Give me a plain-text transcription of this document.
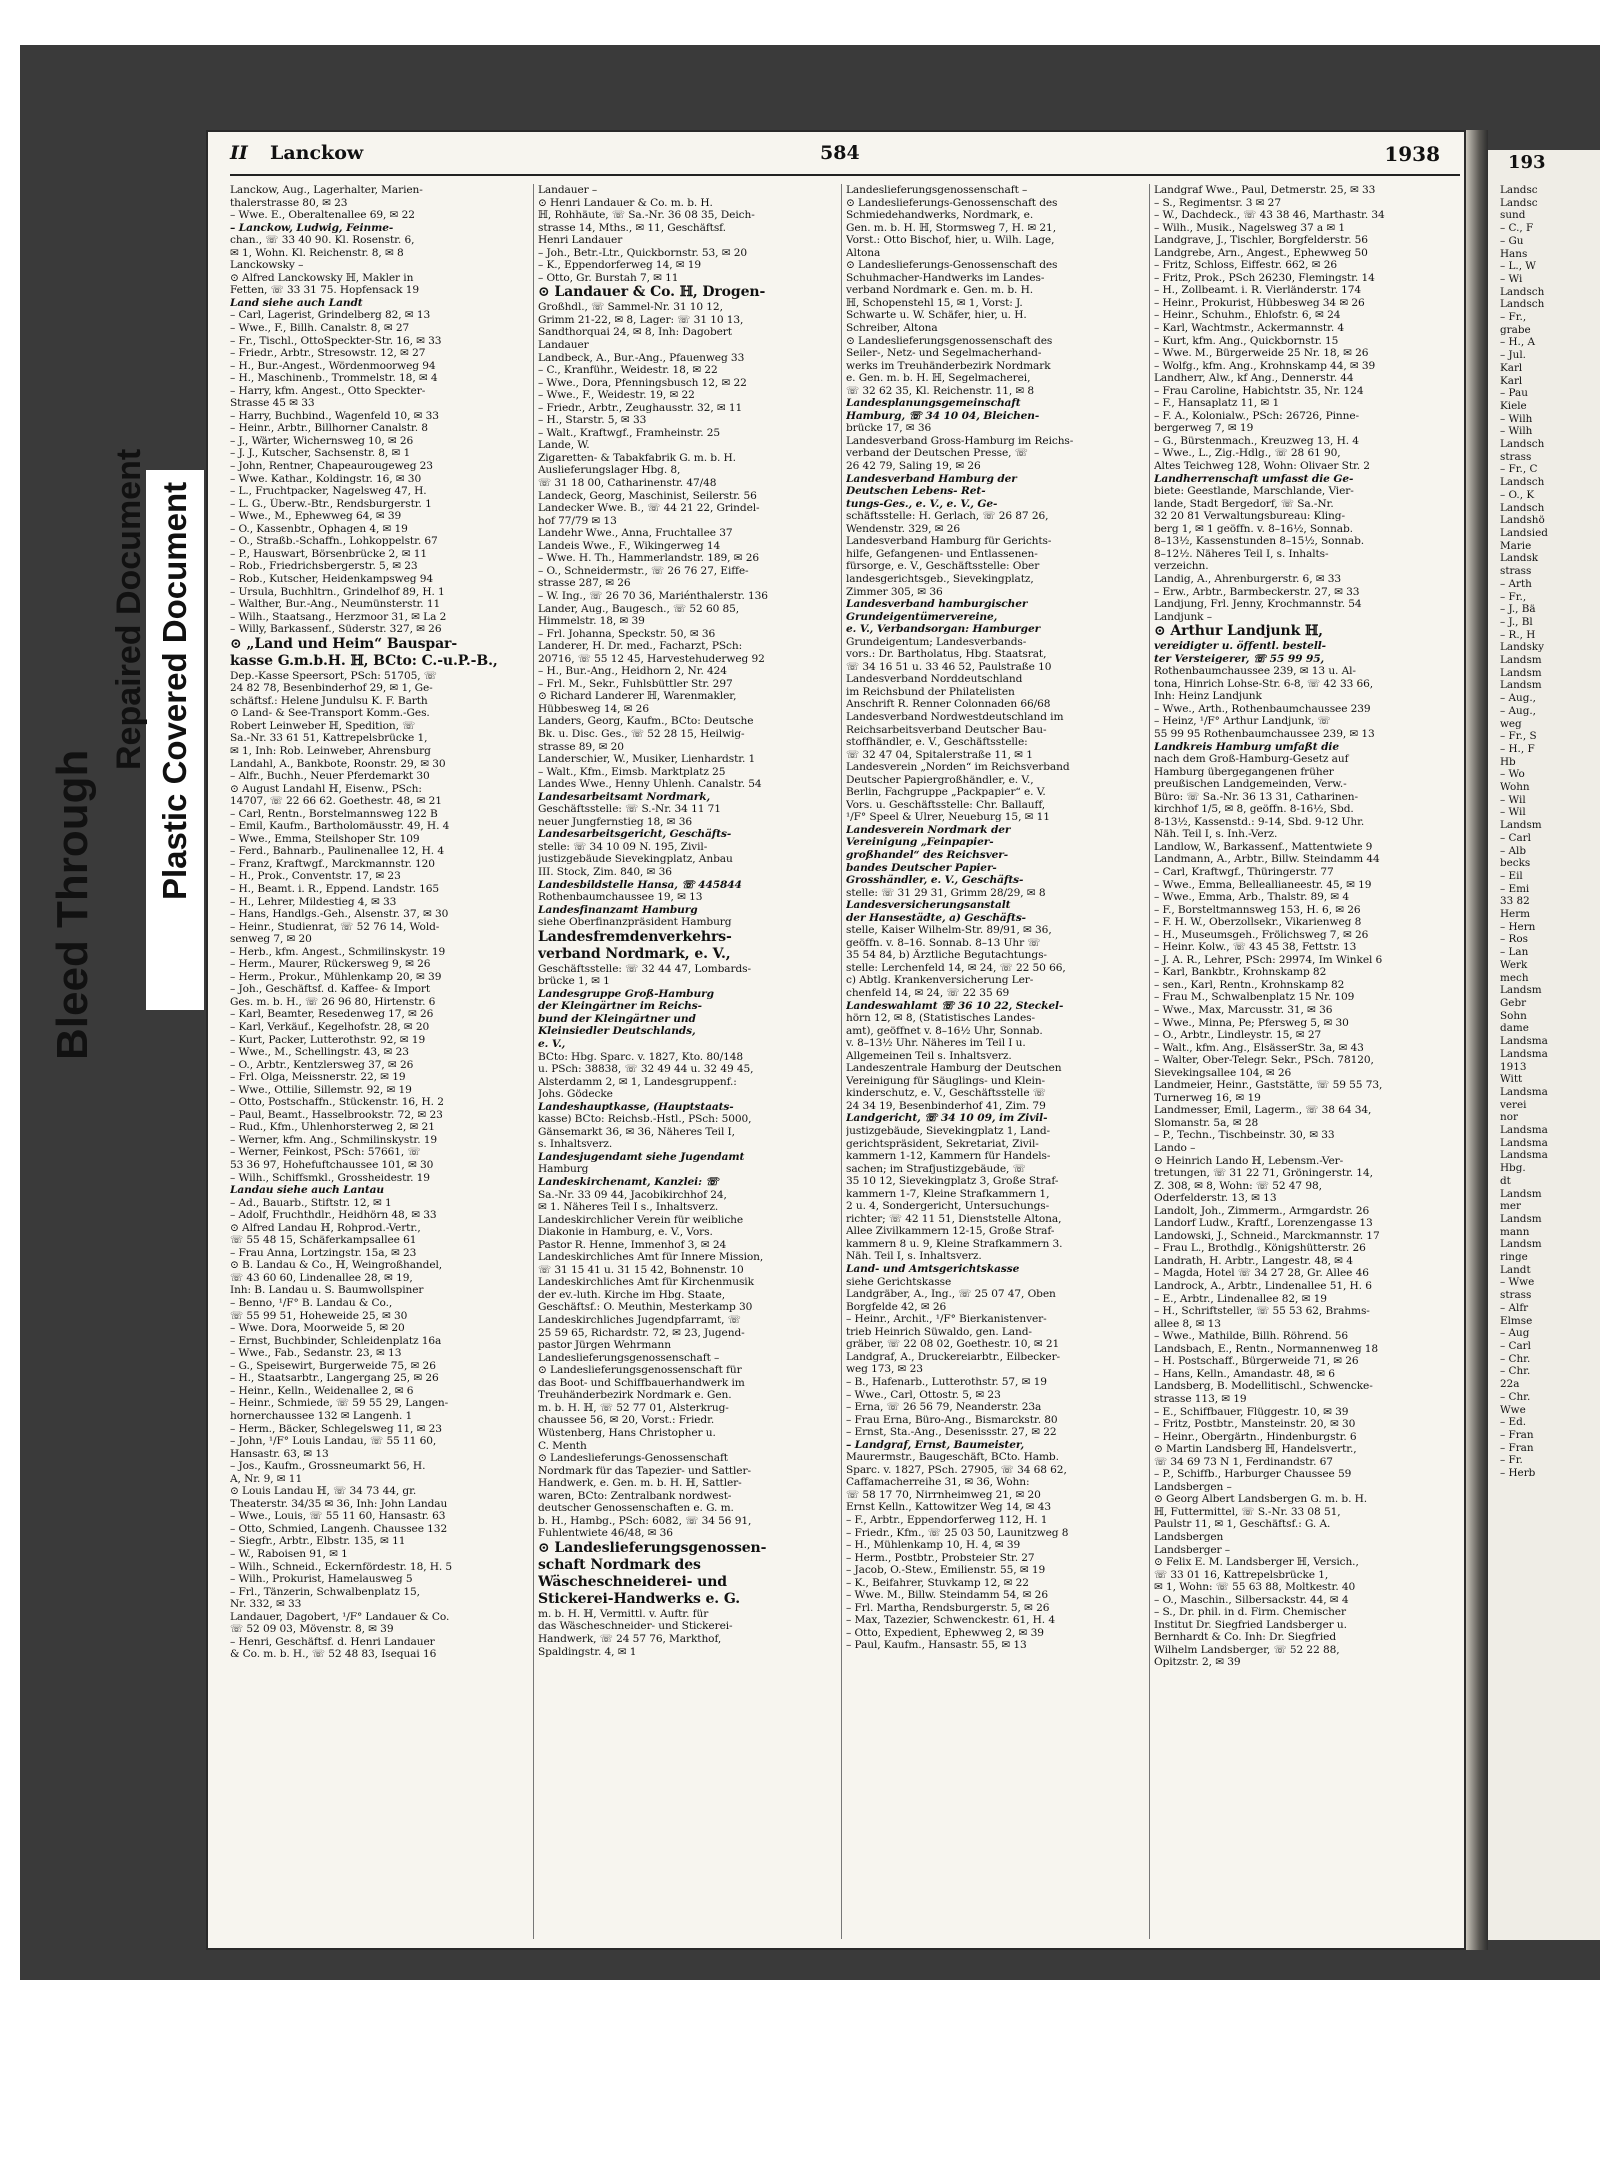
Bleed Through
Repaired Document Plastic Covered Document
II Lanckow	584	1938
Lanckow, Aug., Lagerhalter, Marien-
thalerstrasse 80, ✉ 23
– Wwe. E., Oberaltenallee 69, ✉ 22
– Lanckow, Ludwig, Feinme-
chan., ☏ 33 40 90. Kl. Rosenstr. 6,
✉ 1, Wohn. Kl. Reichenstr. 8, ✉ 8
Lanckowsky –
⊙ Alfred Lanckowsky ℍ, Makler in
Fetten, ☏ 33 31 75. Hopfensack 19
Land siehe auch Landt
– Carl, Lagerist, Grindelberg 82, ✉ 13
– Wwe., F., Billh. Canalstr. 8, ✉ 27
– Fr., Tischl., OttoSpeckter-Str. 16, ✉ 33
– Friedr., Arbtr., Stresowstr. 12, ✉ 27
– H., Bur.-Angest., Wördenmoorweg 94
– H., Maschinenb., Trommelstr. 18, ✉ 4
– Harry, kfm. Angest., Otto Speckter-
Strasse 45 ✉ 33
– Harry, Buchbind., Wagenfeld 10, ✉ 33
– Heinr., Arbtr., Billhorner Canalstr. 8
– J., Wärter, Wichernsweg 10, ✉ 26
– J. J., Kutscher, Sachsenstr. 8, ✉ 1
– John, Rentner, Chapeaurougeweg 23
– Wwe. Kathar., Koldingstr. 16, ✉ 30
– L., Fruchtpacker, Nagelsweg 47, H.
– L. G., Überw.-Btr., Rendsburgerstr. 1
– Wwe., M., Ephewweg 64, ✉ 39
– O., Kassenbtr., Ophagen 4, ✉ 19
– O., Straßb.-Schaffn., Lohkoppelstr. 67
– P., Hauswart, Börsenbrücke 2, ✉ 11
– Rob., Friedrichsbergerstr. 5, ✉ 23
– Rob., Kutscher, Heidenkampsweg 94
– Ursula, Buchhltrn., Grindelhof 89, H. 1
– Walther, Bur.-Ang., Neumünsterstr. 11
– Wilh., Staatsang., Herzmoor 31, ✉ La 2
– Willy, Barkassenf., Süderstr. 327, ✉ 26
⊙ „Land und Heim“ Bauspar-
kasse G.m.b.H. ℍ, BCto: C.-u.P.-B.,
Dep.-Kasse Speersort, PSch: 51705, ☏
24 82 78, Besenbinderhof 29, ✉ 1, Ge-
schäftsf.: Helene Jundulsu K. F. Barth
⊙ Land- & See-Transport Komm.-Ges.
Robert Leinweber ℍ, Spedition, ☏
Sa.-Nr. 33 61 51, Kattrepelsbrücke 1,
✉ 1, Inh: Rob. Leinweber, Ahrensburg
Landahl, A., Bankbote, Roonstr. 29, ✉ 30
– Alfr., Buchh., Neuer Pferdemarkt 30
⊙ August Landahl ℍ, Eisenw., PSch:
14707, ☏ 22 66 62. Goethestr. 48, ✉ 21
– Carl, Rentn., Borstelmannsweg 122 B
– Emil, Kaufm., Bartholomäusstr. 49, H. 4
– Wwe., Emma, Steilshoper Str. 109
– Ferd., Bahnarb., Paulinenallee 12, H. 4
– Franz, Kraftwgf., Marckmannstr. 120
– H., Prok., Conventstr. 17, ✉ 23
– H., Beamt. i. R., Eppend. Landstr. 165
– H., Lehrer, Mildestieg 4, ✉ 33
– Hans, Handlgs.-Geh., Alsenstr. 37, ✉ 30
– Heinr., Studienrat, ☏ 52 76 14, Wold-
senweg 7, ✉ 20
– Herb., kfm. Angest., Schmilinskystr. 19
– Herm., Maurer, Rückersweg 9, ✉ 26
– Herm., Prokur., Mühlenkamp 20, ✉ 39
– Joh., Geschäftsf. d. Kaffee- & Import
Ges. m. b. H., ☏ 26 96 80, Hirtenstr. 6
– Karl, Beamter, Resedenweg 17, ✉ 26
– Karl, Verkäuf., Kegelhofstr. 28, ✉ 20
– Kurt, Packer, Lutterothstr. 92, ✉ 19
– Wwe., M., Schellingstr. 43, ✉ 23
– O., Arbtr., Kentzlersweg 37, ✉ 26
– Frl. Olga, Meissnerstr. 22, ✉ 19
– Wwe., Ottilie, Sillemstr. 92, ✉ 19
– Otto, Postschaffn., Stückenstr. 16, H. 2
– Paul, Beamt., Hasselbrookstr. 72, ✉ 23
– Rud., Kfm., Uhlenhorsterweg 2, ✉ 21
– Werner, kfm. Ang., Schmilinskystr. 19
– Werner, Feinkost, PSch: 57661, ☏
53 36 97, Hohefuftchaussee 101, ✉ 30
– Wilh., Schiffsmkl., Grossheidestr. 19
Landau siehe auch Lantau
– Ad., Bauarb., Stiftstr. 12, ✉ 1
– Adolf, Fruchthdlr., Heidhörn 48, ✉ 33
⊙ Alfred Landau ℍ, Rohprod.-Vertr.,
☏ 55 48 15, Schäferkampsallee 61
– Frau Anna, Lortzingstr. 15a, ✉ 23
⊙ B. Landau & Co., ℍ, Weingroßhandel,
☏ 43 60 60, Lindenallee 28, ✉ 19,
Inh: B. Landau u. S. Baumwollspiner
– Benno, ¹/F° B. Landau & Co.,
☏ 55 99 51, Hoheweide 25, ✉ 30
– Wwe. Dora, Moorweide 5, ✉ 20
– Ernst, Buchbinder, Schleidenplatz 16a
– Wwe., Fab., Sedanstr. 23, ✉ 13
– G., Speisewirt, Burgerweide 75, ✉ 26
– H., Staatsarbtr., Langergang 25, ✉ 26
– Heinr., Kelln., Weidenallee 2, ✉ 6
– Heinr., Schmiede, ☏ 59 55 29, Langen-
hornerchaussee 132 ✉ Langenh. 1
– Herm., Bäcker, Schlegelsweg 11, ✉ 23
– John, ¹/F° Louis Landau, ☏ 55 11 60,
Hansastr. 63, ✉ 13
– Jos., Kaufm., Grossneumarkt 56, H.
A, Nr. 9, ✉ 11
⊙ Louis Landau ℍ, ☏ 34 73 44, gr.
Theaterstr. 34/35 ✉ 36, Inh: John Landau
– Wwe., Louis, ☏ 55 11 60, Hansastr. 63
– Otto, Schmied, Langenh. Chaussee 132
– Siegfr., Arbtr., Elbstr. 135, ✉ 11
– W., Raboisen 91, ✉ 1
– Wilh., Schneid., Eckernfördestr. 18, H. 5
– Wilh., Prokurist, Hamelausweg 5
– Frl., Tänzerin, Schwalbenplatz 15,
Nr. 332, ✉ 33
Landauer, Dagobert, ¹/F° Landauer & Co.
☏ 52 09 03, Mövenstr. 8, ✉ 39
– Henri, Geschäftsf. d. Henri Landauer
& Co. m. b. H., ☏ 52 48 83, Isequai 16
Landauer –
⊙ Henri Landauer & Co. m. b. H.
ℍ, Rohhäute, ☏ Sa.-Nr. 36 08 35, Deich-
strasse 14, Mths., ✉ 11, Geschäftsf.
Henri Landauer
– Joh., Betr.-Ltr., Quickbornstr. 53, ✉ 20
– K., Eppendorferweg 14, ✉ 19
– Otto, Gr. Burstah 7, ✉ 11
⊙ Landauer & Co. ℍ, Drogen-
Großhdl., ☏ Sammel-Nr. 31 10 12,
Grimm 21-22, ✉ 8, Lager: ☏ 31 10 13,
Sandthorquai 24, ✉ 8, Inh: Dagobert
Landauer
Landbeck, A., Bur.-Ang., Pfauenweg 33
– C., Kranführ., Weidestr. 18, ✉ 22
– Wwe., Dora, Pfenningsbusch 12, ✉ 22
– Wwe., F., Weidestr. 19, ✉ 22
– Friedr., Arbtr., Zeughausstr. 32, ✉ 11
– H., Starstr. 5, ✉ 33
– Walt., Kraftwgf., Framheinstr. 25
Lande, W.
Zigaretten- & Tabakfabrik G. m. b. H.
Auslieferungslager Hbg. 8,
☏ 31 18 00, Catharinenstr. 47/48
Landeck, Georg, Maschinist, Seilerstr. 56
Landecker Wwe. B., ☏ 44 21 22, Grindel-
hof 77/79 ✉ 13
Landehr Wwe., Anna, Fruchtallee 37
Landeis Wwe., F., Wikingerweg 14
– Wwe. H. Th., Hammerlandstr. 189, ✉ 26
– O., Schneidermstr., ☏ 26 76 27, Eiffe-
strasse 287, ✉ 26
– W. Ing., ☏ 26 70 36, Mariénthalerstr. 136
Lander, Aug., Baugesch., ☏ 52 60 85,
Himmelstr. 18, ✉ 39
– Frl. Johanna, Speckstr. 50, ✉ 36
Landerer, H. Dr. med., Facharzt, PSch:
20716, ☏ 55 12 45, Harvestehuderweg 92
– H., Bur.-Ang., Heidhorn 2, Nr. 424
– Frl. M., Sekr., Fuhlsbüttler Str. 297
⊙ Richard Landerer ℍ, Warenmakler,
Hübbesweg 14, ✉ 26
Landers, Georg, Kaufm., BCto: Deutsche
Bk. u. Disc. Ges., ☏ 52 28 15, Heilwig-
strasse 89, ✉ 20
Landerschier, W., Musiker, Lienhardstr. 1
– Walt., Kfm., Eimsb. Marktplatz 25
Landes Wwe., Henny Uhlenh. Canalstr. 54
Landesarbeitsamt Nordmark,
Geschäftsstelle: ☏ S.-Nr. 34 11 71
neuer Jungfernstieg 18, ✉ 36
Landesarbeitsgericht, Geschäfts-
stelle: ☏ 34 10 09 N. 195, Zivil-
justizgebäude Sievekingplatz, Anbau
III. Stock, Zim. 840, ✉ 36
Landesbildstelle Hansa, ☏ 445844
Rothenbaumchaussee 19, ✉ 13
Landesfinanzamt Hamburg
siehe Oberfinanzpräsident Hamburg
Landesfremdenverkehrs-
verband Nordmark, e. V.,
Geschäftsstelle: ☏ 32 44 47, Lombards-
brücke 1, ✉ 1
Landesgruppe Groß-Hamburg
der Kleingärtner im Reichs-
bund der Kleingärtner und
Kleinsiedler Deutschlands,
e. V.,
BCto: Hbg. Sparc. v. 1827, Kto. 80/148
u. PSch: 38838, ☏ 32 49 44 u. 32 49 45,
Alsterdamm 2, ✉ 1, Landesgruppenf.:
Johs. Gödecke
Landeshauptkasse, (Hauptstaats-
kasse) BCto: Reichsb.-Hstl., PSch: 5000,
Gänsemarkt 36, ✉ 36, Näheres Teil I,
s. Inhaltsverz.
Landesjugendamt siehe Jugendamt
Hamburg
Landeskirchenamt, Kanzlei: ☏
Sa.-Nr. 33 09 44, Jacobikirchhof 24,
✉ 1. Näheres Teil I s., Inhaltsverz.
Landeskirchlicher Verein für weibliche
Diakonie in Hamburg, e. V., Vors.
Pastor R. Henne, Immenhof 3, ✉ 24
Landeskirchliches Amt für Innere Mission,
☏ 31 15 41 u. 31 15 42, Bohnenstr. 10
Landeskirchliches Amt für Kirchenmusik
der ev.-luth. Kirche im Hbg. Staate,
Geschäftsf.: O. Meuthin, Mesterkamp 30
Landeskirchliches Jugendpfarramt, ☏
25 59 65, Richardstr. 72, ✉ 23, Jugend-
pastor Jürgen Wehrmann
Landeslieferungsgenossenschaft –
⊙ Landeslieferungsgenossenschaft für
das Boot- und Schiffbauerhandwerk im
Treuhänderbezirk Nordmark e. Gen.
m. b. H. ℍ, ☏ 52 77 01, Alsterkrug-
chaussee 56, ✉ 20, Vorst.: Friedr.
Wüstenberg, Hans Christopher u.
C. Menth
⊙ Landeslieferungs-Genossenschaft
Nordmark für das Tapezier- und Sattler-
Handwerk, e. Gen. m. b. H. ℍ, Sattler-
waren, BCto: Zentralbank nordwest-
deutscher Genossenschaften e. G. m.
b. H., Hambg., PSch: 6082, ☏ 34 56 91,
Fuhlentwiete 46/48, ✉ 36
⊙ Landeslieferungsgenossen-
schaft Nordmark des
Wäscheschneiderei- und
Stickerei-Handwerks e. G.
m. b. H. ℍ, Vermittl. v. Auftr. für
das Wäscheschneider- und Stickerei-
Handwerk, ☏ 24 57 76, Markthof,
Spaldingstr. 4, ✉ 1
Landeslieferungsgenossenschaft –
⊙ Landeslieferungs-Genossenschaft des
Schmiedehandwerks, Nordmark, e.
Gen. m. b. H. ℍ, Stormsweg 7, H. ✉ 21,
Vorst.: Otto Bischof, hier, u. Wilh. Lage,
Altona
⊙ Landeslieferungs-Genossenschaft des
Schuhmacher-Handwerks im Landes-
verband Nordmark e. Gen. m. b. H.
ℍ, Schopenstehl 15, ✉ 1, Vorst: J.
Schwarte u. W. Schäfer, hier, u. H.
Schreiber, Altona
⊙ Landeslieferungsgenossenschaft des
Seiler-, Netz- und Segelmacherhand-
werks im Treuhänderbezirk Nordmark
e. Gen. m. b. H. ℍ, Segelmacherei,
☏ 32 62 35, Kl. Reichenstr. 11, ✉ 8
Landesplanungsgemeinschaft
Hamburg, ☏ 34 10 04, Bleichen-
brücke 17, ✉ 36
Landesverband Gross-Hamburg im Reichs-
verband der Deutschen Presse, ☏
26 42 79, Saling 19, ✉ 26
Landesverband Hamburg der
Deutschen Lebens- Ret-
tungs-Ges., e. V., e. V., Ge-
schäftsstelle: H. Gerlach, ☏ 26 87 26,
Wendenstr. 329, ✉ 26
Landesverband Hamburg für Gerichts-
hilfe, Gefangenen- und Entlassenen-
fürsorge, e. V., Geschäftsstelle: Ober
landesgerichtsgeb., Sievekingplatz,
Zimmer 305, ✉ 36
Landesverband hamburgischer
Grundeigentümervereine,
e. V., Verbandsorgan: Hamburger
Grundeigentum; Landesverbands-
vors.: Dr. Bartholatus, Hbg. Staatsrat,
☏ 34 16 51 u. 33 46 52, Paulstraße 10
Landesverband Norddeutschland
im Reichsbund der Philatelisten
Anschrift R. Renner Colonnaden 66/68
Landesverband Nordwestdeutschland im
Reichsarbeitsverband Deutscher Bau-
stoffhändler, e. V., Geschäftsstelle:
☏ 32 47 04, Spitalerstraße 11, ✉ 1
Landesverein „Norden“ im Reichsverband
Deutscher Papiergroßhändler, e. V.,
Berlin, Fachgruppe „Packpapier“ e. V.
Vors. u. Geschäftsstelle: Chr. Ballauff,
¹/F° Speel & Ulrer, Neueburg 15, ✉ 11
Landesverein Nordmark der
Vereinigung „Feinpapier-
großhandel“ des Reichsver-
bandes Deutscher Papier-
Grosshändler, e. V., Geschäfts-
stelle: ☏ 31 29 31, Grimm 28/29, ✉ 8
Landesversicherungsanstalt
der Hansestädte, a) Geschäfts-
stelle, Kaiser Wilhelm-Str. 89/91, ✉ 36,
geöffn. v. 8–16. Sonnab. 8–13 Uhr ☏
35 54 84, b) Ärztliche Begutachtungs-
stelle: Lerchenfeld 14, ✉ 24, ☏ 22 50 66,
c) Abtlg. Krankenversicherung Ler-
chenfeld 14, ✉ 24, ☏ 22 35 69
Landeswahlamt ☏ 36 10 22, Steckel-
hörn 12, ✉ 8, (Statistisches Landes-
amt), geöffnet v. 8–16½ Uhr, Sonnab.
v. 8–13½ Uhr. Näheres im Teil I u.
Allgemeinen Teil s. Inhaltsverz.
Landeszentrale Hamburg der Deutschen
Vereinigung für Säuglings- und Klein-
kinderschutz, e. V., Geschäftsstelle ☏
24 34 19, Besenbinderhof 41, Zim. 79
Landgericht, ☏ 34 10 09, im Zivil-
justizgebäude, Sievekingplatz 1, Land-
gerichtspräsident, Sekretariat, Zivil-
kammern 1-12, Kammern für Handels-
sachen; im Strafjustizgebäude, ☏
35 10 12, Sievekingplatz 3, Große Straf-
kammern 1-7, Kleine Strafkammern 1,
2 u. 4, Sondergericht, Untersuchungs-
richter; ☏ 42 11 51, Dienststelle Altona,
Allee Zivilkammern 12-15, Große Straf-
kammern 8 u. 9, Kleine Strafkammern 3.
Näh. Teil I, s. Inhaltsverz.
Land- und Amtsgerichtskasse
siehe Gerichtskasse
Landgräber, A., Ing., ☏ 25 07 47, Oben
Borgfelde 42, ✉ 26
– Heinr., Archit., ¹/F° Bierkanistenver-
trieb Heinrich Süwaldo, gen. Land-
gräber, ☏ 22 08 02, Goethestr. 10, ✉ 21
Landgraf, A., Druckereiarbtr., Eilbecker-
weg 173, ✉ 23
– B., Hafenarb., Lutterothstr. 57, ✉ 19
– Wwe., Carl, Ottostr. 5, ✉ 23
– Erna, ☏ 26 56 79, Neanderstr. 23a
– Frau Erna, Büro-Ang., Bismarckstr. 80
– Ernst, Sta.-Ang., Desenissstr. 27, ✉ 22
– Landgraf, Ernst, Baumeister,
Maurermstr., Baugeschäft, BCto. Hamb.
Sparc. v. 1827, PSch. 27905, ☏ 34 68 62,
Caffamacherreihe 31, ✉ 36, Wohn:
☏ 58 17 70, Nirrnheimweg 21, ✉ 20
Ernst Kelln., Kattowitzer Weg 14, ✉ 43
– F., Arbtr., Eppendorferweg 112, H. 1
– Friedr., Kfm., ☏ 25 03 50, Launitzweg 8
– H., Mühlenkamp 10, H. 4, ✉ 39
– Herm., Postbtr., Probsteier Str. 27
– Jacob, O.-Stew., Emilienstr. 55, ✉ 19
– K., Beifahrer, Stuvkamp 12, ✉ 22
– Wwe. M., Billw. Steindamm 54, ✉ 26
– Frl. Martha, Rendsburgerstr. 5, ✉ 26
– Max, Tazezier, Schwenckestr. 61, H. 4
– Otto, Expedient, Ephewweg 2, ✉ 39
– Paul, Kaufm., Hansastr. 55, ✉ 13
Landgraf Wwe., Paul, Detmerstr. 25, ✉ 33
– S., Regimentsr. 3 ✉ 27
– W., Dachdeck., ☏ 43 38 46, Marthastr. 34
– Wilh., Musik., Nagelsweg 37 a ✉ 1
Landgrave, J., Tischler, Borgfelderstr. 56
Landgrebe, Arn., Angest., Ephewweg 50
– Fritz, Schloss, Eiffestr. 662, ✉ 26
– Fritz, Prok., PSch 26230, Flemingstr. 14
– H., Zollbeamt. i. R. Vierländerstr. 174
– Heinr., Prokurist, Hübbesweg 34 ✉ 26
– Heinr., Schuhm., Ehlofstr. 6, ✉ 24
– Karl, Wachtmstr., Ackermannstr. 4
– Kurt, kfm. Ang., Quickbornstr. 15
– Wwe. M., Bürgerweide 25 Nr. 18, ✉ 26
– Wolfg., kfm. Ang., Krohnskamp 44, ✉ 39
Landherr, Alw., kf Ang., Dennerstr. 44
– Frau Caroline, Habichtstr. 35, Nr. 124
– F., Hansaplatz 11, ✉ 1
– F. A., Kolonialw., PSch: 26726, Pinne-
bergerweg 7, ✉ 19
– G., Bürstenmach., Kreuzweg 13, H. 4
– Wwe., L., Zig.-Hdlg., ☏ 28 61 90,
Altes Teichweg 128, Wohn: Olivaer Str. 2
Landherrenschaft umfasst die Ge-
biete: Geestlande, Marschlande, Vier-
lande, Stadt Bergedorf, ☏ Sa.-Nr.
32 20 81 Verwaltungsbureau: Kling-
berg 1, ✉ 1 geöffn. v. 8–16½, Sonnab.
8–13½, Kassenstunden 8–15½, Sonnab.
8–12½. Näheres Teil I, s. Inhalts-
verzeichn.
Landig, A., Ahrenburgerstr. 6, ✉ 33
– Erw., Arbtr., Barmbeckerstr. 27, ✉ 33
Landjung, Frl. Jenny, Krochmannstr. 54
Landjunk –
⊙ Arthur Landjunk ℍ,
vereidigter u. öffentl. bestell-
ter Versteigerer, ☏ 55 99 95,
Rothenbaumchaussee 239, ✉ 13 u. Al-
tona, Hinrich Lohse-Str. 6-8, ☏ 42 33 66,
Inh: Heinz Landjunk
– Wwe., Arth., Rothenbaumchaussee 239
– Heinz, ¹/F° Arthur Landjunk, ☏
55 99 95 Rothenbaumchaussee 239, ✉ 13
Landkreis Hamburg umfaßt die
nach dem Groß-Hamburg-Gesetz auf
Hamburg übergegangenen früher
preußischen Landgemeinden, Verw.-
Büro: ☏ Sa.-Nr. 36 13 31, Catharinen-
kirchhof 1/5, ✉ 8, geöffn. 8-16½, Sbd.
8-13½, Kassenstd.: 9-14, Sbd. 9-12 Uhr.
Näh. Teil I, s. Inh.-Verz.
Landlow, W., Barkassenf., Mattentwiete 9
Landmann, A., Arbtr., Billw. Steindamm 44
– Carl, Kraftwgf., Thüringerstr. 77
– Wwe., Emma, Belleallianeestr. 45, ✉ 19
– Wwe., Emma, Arb., Thalstr. 89, ✉ 4
– F., Borsteltmannsweg 153, H. 6, ✉ 26
– F. H. W., Oberzollsekr., Vikarienweg 8
– H., Museumsgeh., Frölichsweg 7, ✉ 26
– Heinr. Kolw., ☏ 43 45 38, Fettstr. 13
– J. A. R., Lehrer, PSch: 29974, Im Winkel 6
– Karl, Bankbtr., Krohnskamp 82
– sen., Karl, Rentn., Krohnskamp 82
– Frau M., Schwalbenplatz 15 Nr. 109
– Wwe., Max, Marcusstr. 31, ✉ 36
– Wwe., Minna, Pe; Pfersweg 5, ✉ 30
– O., Arbtr., Lindleystr. 15, ✉ 27
– Walt., kfm. Ang., ElsässerStr. 3a, ✉ 43
– Walter, Ober-Telegr. Sekr., PSch. 78120,
Sievekingsallee 104, ✉ 26
Landmeier, Heinr., Gaststätte, ☏ 59 55 73,
Turnerweg 16, ✉ 19
Landmesser, Emil, Lagerm., ☏ 38 64 34,
Slomanstr. 5a, ✉ 28
– P., Techn., Tischbeinstr. 30, ✉ 33
Lando –
⊙ Heinrich Lando ℍ, Lebensm.-Ver-
tretungen, ☏ 31 22 71, Gröningerstr. 14,
Z. 308, ✉ 8, Wohn: ☏ 52 47 98,
Oderfelderstr. 13, ✉ 13
Landolt, Joh., Zimmerm., Armgardstr. 26
Landorf Ludw., Kraftf., Lorenzengasse 13
Landowski, J., Schneid., Marckmannstr. 17
– Frau L., Brothdlg., Königshütterstr. 26
Landrath, H. Arbtr., Langestr. 48, ✉ 4
– Magda, Hotel ☏ 34 27 28, Gr. Allee 46
Landrock, A., Arbtr., Lindenallee 51, H. 6
– E., Arbtr., Lindenallee 82, ✉ 19
– H., Schriftsteller, ☏ 55 53 62, Brahms-
allee 8, ✉ 13
– Wwe., Mathilde, Billh. Röhrend. 56
Landsbach, E., Rentn., Normannenweg 18
– H. Postschaff., Bürgerweide 71, ✉ 26
– Hans, Kelln., Amandastr. 48, ✉ 6
Landsberg, B. Modellitischl., Schwencke-
strasse 113, ✉ 19
– E., Schiffbauer, Flüggestr. 10, ✉ 39
– Fritz, Postbtr., Mansteinstr. 20, ✉ 30
– Heinr., Obergärtn., Hindenburgstr. 6
⊙ Martin Landsberg ℍ, Handelsvertr.,
☏ 34 69 73 N 1, Ferdinandstr. 67
– P., Schiffb., Harburger Chaussee 59
Landsbergen –
⊙ Georg Albert Landsbergen G. m. b. H.
ℍ, Futtermittel, ☏ S.-Nr. 33 08 51,
Paulstr 11, ✉ 1, Geschäftsf.: G. A.
Landsbergen
Landsberger –
⊙ Felix E. M. Landsberger ℍ, Versich.,
☏ 33 01 16, Kattrepelsbrücke 1,
✉ 1, Wohn: ☏ 55 63 88, Moltkestr. 40
– O., Maschin., Silbersackstr. 44, ✉ 4
– S., Dr. phil. in d. Firm. Chemischer
Institut Dr. Siegfried Landsberger u.
Bernhardt & Co. Inh: Dr. Siegfried
Wilhelm Landsberger, ☏ 52 22 88,
Opitzstr. 2, ✉ 39
193
Landsc
Landsc
sund
– C., F
– Gu
Hans
– L., W
– Wi
Landsch
Landsch
– Fr.,
grabe
– H., A
– Jul.
Karl
Karl
– Pau
Kiele
– Wilh
– Wilh
Landsch
strass
– Fr., C
Landsch
– O., K
Landsch
Landshö
Landsied
Marie
Landsk
strass
– Arth
– Fr.,
– J., Bä
– J., Bl
– R., H
Landsky
Landsm
Landsm
Landsm
– Aug.,
– Aug.,
weg
– Fr., S
– H., F
Hb
– Wo
Wohn
– Wil
– Wil
Landsm
– Carl
– Alb
becks
– Eil
– Emi
33 82
Herm
– Hern
– Ros
– Lan
Werk
mech
Landsm
Gebr
Sohn
dame
Landsma
Landsma
1913
Witt
Landsma
verei
nor
Landsma
Landsma
Landsma
Hbg.
dt
Landsm
mer
Landsm
mann
Landsm
ringe
Landt
– Wwe
strass
– Alfr
Elmse
– Aug
– Carl
– Chr.
– Chr.
22a
– Chr.
Wwe
– Ed.
– Fran
– Fran
– Fr.
– Herb
